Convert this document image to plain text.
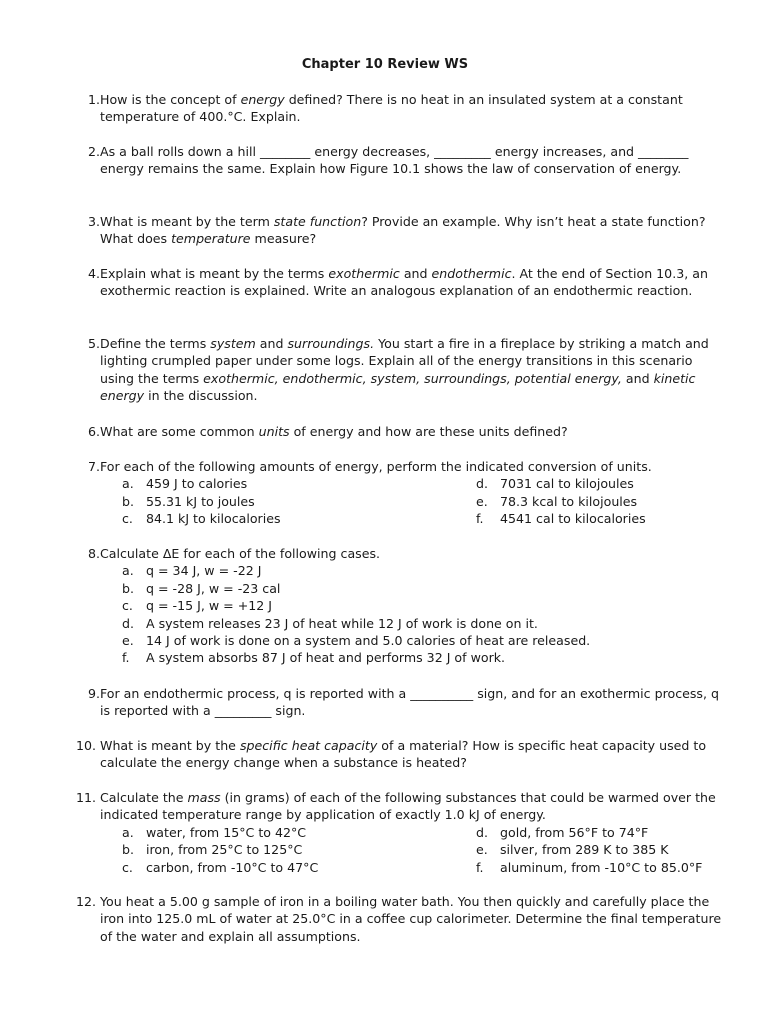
Chapter 10 Review WS
1. How is the concept of energy defined? There is no heat in an insulated system at a constant temperature of 400.°C. Explain.
2. As a ball rolls down a hill ________ energy decreases, _________ energy increases, and ________ energy remains the same. Explain how Figure 10.1 shows the law of conservation of energy.
3. What is meant by the term state function? Provide an example. Why isn’t heat a state function? What does temperature measure?
4. Explain what is meant by the terms exothermic and endothermic. At the end of Section 10.3, an exothermic reaction is explained. Write an analogous explanation of an endothermic reaction.
5. Define the terms system and surroundings. You start a fire in a fireplace by striking a match and lighting crumpled paper under some logs. Explain all of the energy transitions in this scenario using the terms exothermic, endothermic, system, surroundings, potential energy, and kinetic energy in the discussion.
6. What are some common units of energy and how are these units defined?
7. For each of the following amounts of energy, perform the indicated conversion of units.
a. 459 J to calories	d. 7031 cal to kilojoules
b. 55.31 kJ to joules	e. 78.3 kcal to kilojoules
c.	84.1 kJ to kilocalories	f.	4541 cal to kilocalories
8. Calculate ΔE for each of the following cases.
a. q = 34 J, w = -22 J
b. q = -28 J, w = -23 cal
c. q = -15 J, w = +12 J
d. A system releases 23 J of heat while 12 J of work is done on it.
e. 14 J of work is done on a system and 5.0 calories of heat are released.
f. A system absorbs 87 J of heat and performs 32 J of work.
9. For an endothermic process, q is reported with a __________ sign, and for an exothermic process, q is reported with a _________ sign.
10. What is meant by the specific heat capacity of a material? How is specific heat capacity used to calculate the energy change when a substance is heated?
11. Calculate the mass (in grams) of each of the following substances that could be warmed over the indicated temperature range by application of exactly 1.0 kJ of energy.
a. water, from 15°C to 42°C	d. gold, from 56°F to 74°F
b. iron, from 25°C to 125°C	e. silver, from 289 K to 385 K
c.	carbon, from -10°C to 47°C	f.	aluminum, from -10°C to 85.0°F
12. You heat a 5.00 g sample of iron in a boiling water bath. You then quickly and carefully place the iron into 125.0 mL of water at 25.0°C in a coffee cup calorimeter. Determine the final temperature of the water and explain all assumptions.
